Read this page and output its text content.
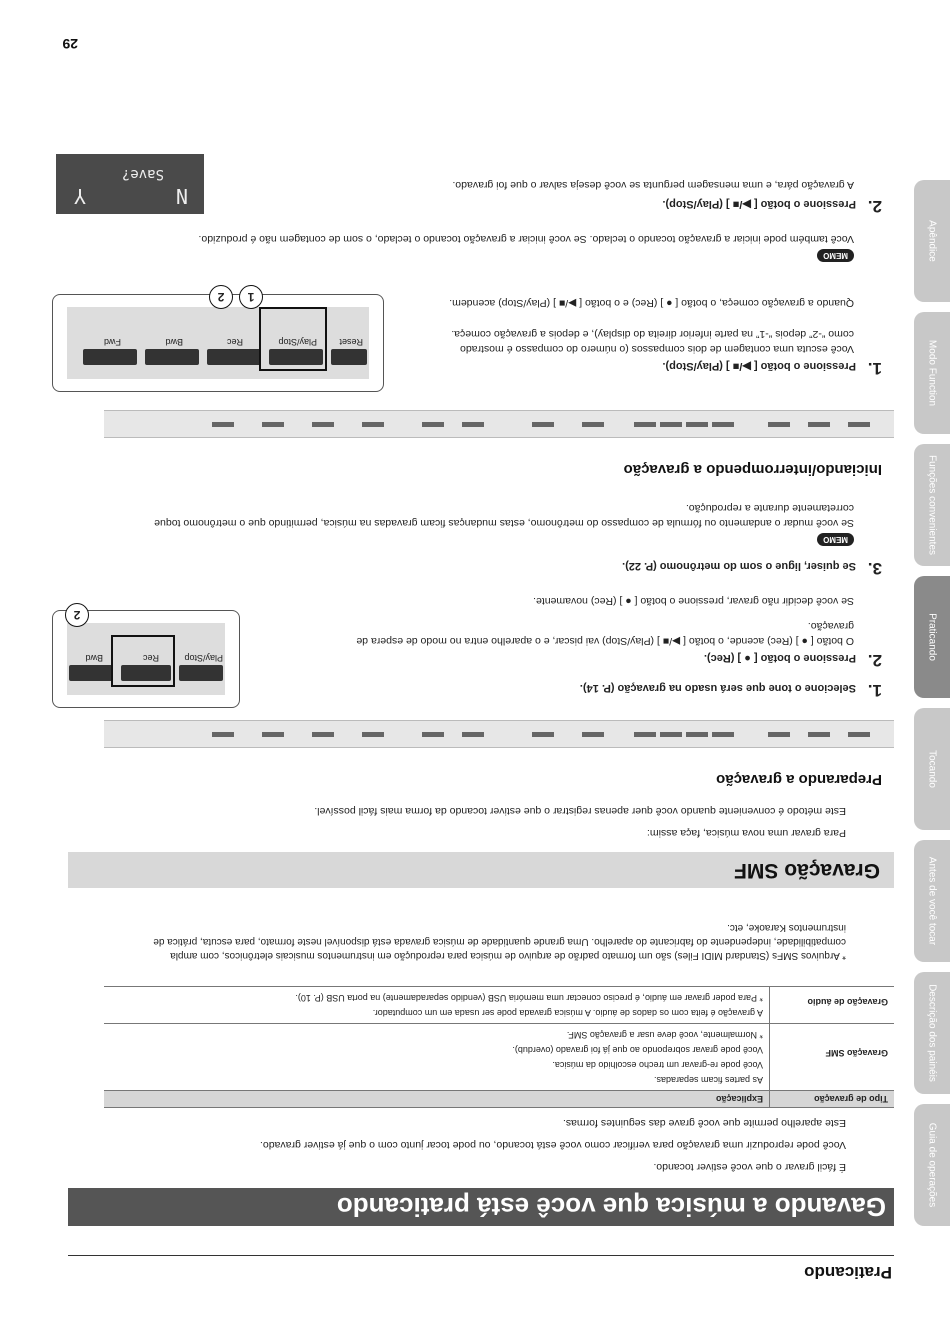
Praticando
Guia de operações
Descrição dos painéis
Antes de você tocar
Tocando
Praticando
Funções convenientes
Modo Function
Apêndice
Gavando a música que você está praticando
É fácil gravar o que você estiver tocando.
Você pode reproduzir uma gravação para verificar como você está tocando, ou pode tocar junto com o que já estiver gravado.
Este aparelho permite que você grave das seguintes formas.
Tipo de gravação	Explicação
Gravação SMF	As partes ficam separadas.
Você pode re-gravar um trecho escolhido da música.
Você pode gravar sobrepondo ao que já foi gravado (overdub).
* Normalmente, você deve usar a gravação SMF.

Gravação de áudio	A gravação é feita com os dados de áudio. A música gravada pode ser usada em um computador.
* Para poder gravar em áudio, é preciso conectar uma memória USB (vendido separadamente) na porta USB (P. 10).
* Arquivos SMFs (Standard MIDI Files) são um formato padrão de arquivo de música para reprodução em instrumentos musicais eletrônicos, com ampla compatibilidade, independente do fabricante do aparelho. Uma grande quantidade de música gravada está disponível neste formato, para escuta, prática de instrumentos Karaoke, etc.
Gravação SMF
Para gravar uma nova música, faça assim:
Este método é conveniente quando você quer apenas registrar o que estiver tocando da forma mais fácil possível.
Preparando a gravação
Play/Stop
Rec
Bwd
2
1.Selecione o tone que será usado na gravação (P. 14).
2.Pressione o botão [ ● ] (Rec).
O botão [ ● ] (Rec) acende, o botão [ ▶/■ ] (Play/Stop) vai piscar, e o aparelho entra no modo de espera de gravação.
Se você decidir não gravar, pressione o botão [ ● ] (Rec) novamente.
3.Se quiser, ligue o som do metrônomo (P. 22).
MEMO
Se você mudar o andamento ou fórmula de compasso do metrônomo, estas mudanças ficam gravadas na música, permitindo que o metrônomo toque corretamente durante a reprodução.
Iniciando/interrompendo a gravação
Reset
Play/Stop
Rec
Bwd
Fwd
1
2
1.Pressione o botão [ ▶/■ ] (Play/Stop).
Você escuta uma contagem de dois compassos (o número do compasso é mostrado como “-2” depois “-1” na parte inferior direita do display), e depois a gravação começa.
Quando a gravação começa, o botão [ ● ] (Rec) e o botão [ ▶/■ ] (Play/Stop) acendem.
MEMO
Você também pode iniciar a gravação tocando o teclado. Se você iniciar a gravação tocando o teclado, o som de contagem não é produzido.
2.Pressione o botão [ ▶/■ ] (Play/Stop).
A gravação pára, e uma mensagem pergunta se você deseja salvar o que foi gravado.
Save?
N
Y
29
